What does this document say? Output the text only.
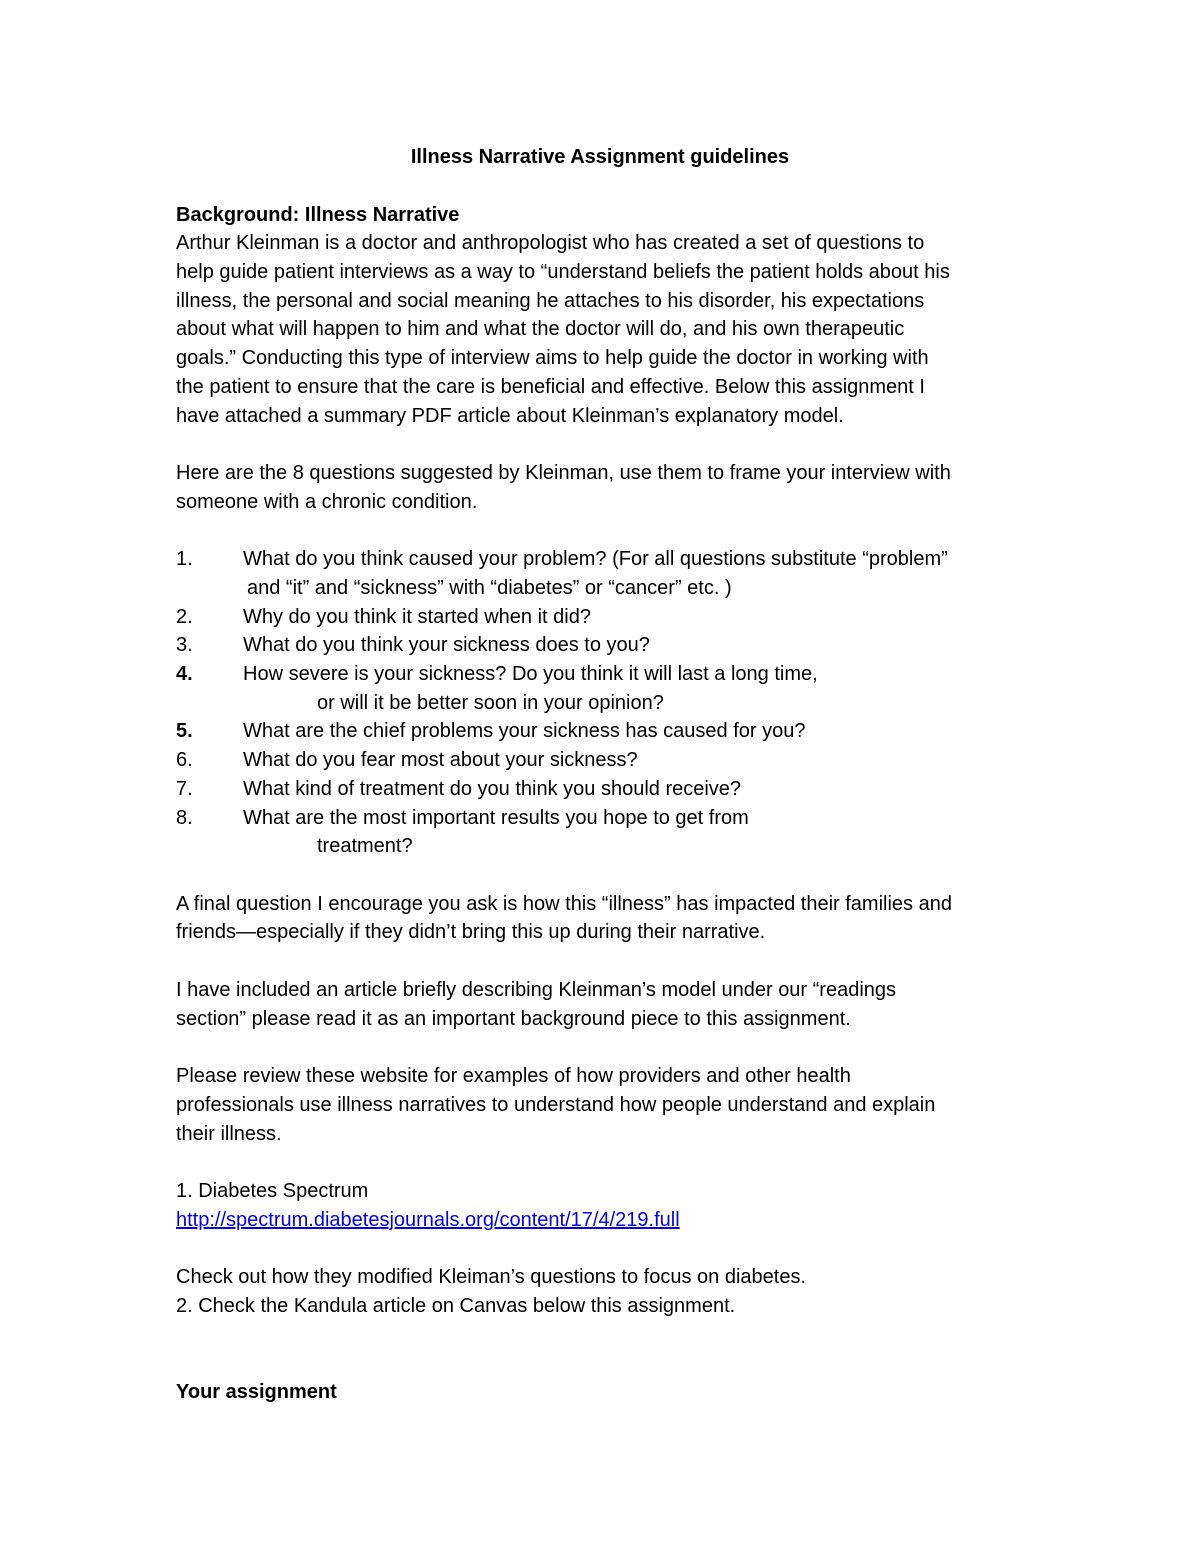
Illness Narrative Assignment guidelines
Background: Illness Narrative
Arthur Kleinman is a doctor and anthropologist who has created a set of questions to
help guide patient interviews as a way to “understand beliefs the patient holds about his
illness, the personal and social meaning he attaches to his disorder, his expectations
about what will happen to him and what the doctor will do, and his own therapeutic
goals.” Conducting this type of interview aims to help guide the doctor in working with
the patient to ensure that the care is beneficial and effective. Below this assignment I
have attached a summary PDF article about Kleinman’s explanatory model.
Here are the 8 questions suggested by Kleinman, use them to frame your interview with
someone with a chronic condition.
1.	What do you think caused your problem? (For all questions substitute “problem”
and “it” and “sickness” with “diabetes” or “cancer” etc. )
2.	Why do you think it started when it did?
3.	What do you think your sickness does to you?
4.	How severe is your sickness? Do you think it will last a long time,
or will it be better soon in your opinion?
5.	What are the chief problems your sickness has caused for you?
6.	What do you fear most about your sickness?
7.	What kind of treatment do you think you should receive?
8.	What are the most important results you hope to get from
treatment?
A final question I encourage you ask is how this “illness” has impacted their families and
friends—especially if they didn’t bring this up during their narrative.
I have included an article briefly describing Kleinman’s model under our “readings
section” please read it as an important background piece to this assignment.
Please review these website for examples of how providers and other health
professionals use illness narratives to understand how people understand and explain
their illness.
1. Diabetes Spectrum
http://spectrum.diabetesjournals.org/content/17/4/219.full
Check out how they modified Kleiman’s questions to focus on diabetes.
2. Check the Kandula article on Canvas below this assignment.
Your assignment
